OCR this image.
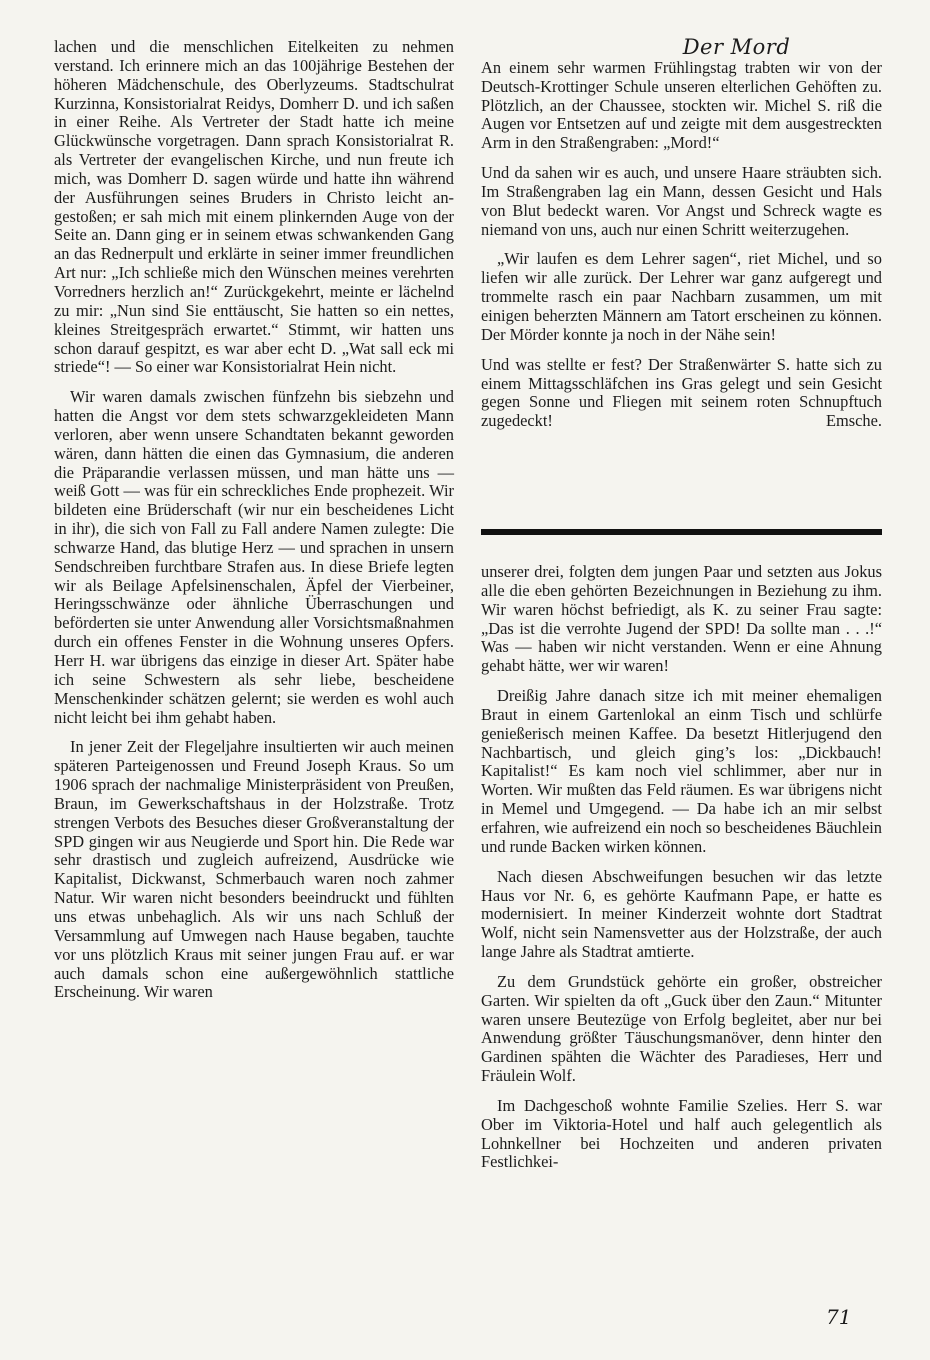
lachen und die menschlichen Eitelkeiten zu nehmen verstand. Ich erinnere mich an das 100jährige Bestehen der höheren Mädchenschule, des Oberlyzeums. Stadtschulrat Kurzinna, Konsistorialrat Reidys, Domherr D. und ich saßen in einer Reihe. Als Vertreter der Stadt hatte ich meine Glückwünsche vorgetragen. Dann sprach Konsistorialrat R. als Vertreter der evangelischen Kirche, und nun freute ich mich, was Domherr D. sagen würde und hatte ihn während der Ausführungen seines Bruders in Christo leicht angestoßen; er sah mich mit einem plinkernden Auge von der Seite an. Dann ging er in seinem etwas schwankenden Gang an das Rednerpult und erklärte in seiner immer freundlichen Art nur: „Ich schließe mich den Wünschen meines verehrten Vorredners herzlich an!“ Zurückgekehrt, meinte er lächelnd zu mir: „Nun sind Sie enttäuscht, Sie hatten so ein nettes, kleines Streitgespräch erwartet.“ Stimmt, wir hatten uns schon darauf gespitzt, es war aber echt D. „Wat sall eck mi striede“! — So einer war Konsistorialrat Hein nicht.

Wir waren damals zwischen fünfzehn bis siebzehn und hatten die Angst vor dem stets schwarzgekleideten Mann verloren, aber wenn unsere Schandtaten bekannt geworden wären, dann hätten die einen das Gymnasium, die anderen die Präparandie verlassen müssen, und man hätte uns — weiß Gott — was für ein schreckliches Ende prophezeit. Wir bildeten eine Brüderschaft (wir nur ein bescheidenes Licht in ihr), die sich von Fall zu Fall andere Namen zulegte: Die schwarze Hand, das blutige Herz — und sprachen in unsern Sendschreiben furchtbare Strafen aus. In diese Briefe legten wir als Beilage Apfelsinenschalen, Äpfel der Vierbeiner, Heringsschwänze oder ähnliche Überraschungen und beförderten sie unter Anwendung aller Vorsichtsmaßnahmen durch ein offenes Fenster in die Wohnung unseres Opfers. Herr H. war übrigens das einzige in dieser Art. Später habe ich seine Schwestern als sehr liebe, bescheidene Menschenkinder schätzen gelernt; sie werden es wohl auch nicht leicht bei ihm gehabt haben.

In jener Zeit der Flegeljahre insultierten wir auch meinen späteren Parteigenossen und Freund Joseph Kraus. So um 1906 sprach der nachmalige Ministerpräsident von Preußen, Braun, im Gewerkschaftshaus in der Holzstraße. Trotz strengen Verbots des Besuches dieser Großveranstaltung der SPD gingen wir aus Neugierde und Sport hin. Die Rede war sehr drastisch und zugleich aufreizend, Ausdrücke wie Kapitalist, Dickwanst, Schmerbauch waren noch zahmer Natur. Wir waren nicht besonders beeindruckt und fühlten uns etwas unbehaglich. Als wir uns nach Schluß der Versammlung auf Umwegen nach Hause begaben, tauchte vor uns plötzlich Kraus mit seiner jungen Frau auf. er war auch damals schon eine außergewöhnlich stattliche Erscheinung. Wir waren

Der Mord

An einem sehr warmen Frühlingstag trabten wir von der Deutsch-Krottinger Schule unseren elterlichen Gehöften zu. Plötzlich, an der Chaussee, stockten wir. Michel S. riß die Augen vor Entsetzen auf und zeigte mit dem ausgestreckten Arm in den Straßengraben: „Mord!“

Und da sahen wir es auch, und unsere Haare sträubten sich. Im Straßengraben lag ein Mann, dessen Gesicht und Hals von Blut bedeckt waren. Vor Angst und Schreck wagte es niemand von uns, auch nur einen Schritt weiterzugehen.

„Wir laufen es dem Lehrer sagen“, riet Michel, und so liefen wir alle zurück. Der Lehrer war ganz aufgeregt und trommelte rasch ein paar Nachbarn zusammen, um mit einigen beherzten Männern am Tatort erscheinen zu können. Der Mörder konnte ja noch in der Nähe sein!

Und was stellte er fest? Der Straßenwärter S. hatte sich zu einem Mittagsschläfchen ins Gras gelegt und sein Gesicht gegen Sonne und Fliegen mit seinem roten Schnupftuch zugedeckt!	Emsche.

unserer drei, folgten dem jungen Paar und setzten aus Jokus alle die eben gehörten Bezeichnungen in Beziehung zu ihm. Wir waren höchst befriedigt, als K. zu seiner Frau sagte: „Das ist die verrohte Jugend der SPD! Da sollte man . . .!“ Was — haben wir nicht verstanden. Wenn er eine Ahnung gehabt hätte, wer wir waren!

Dreißig Jahre danach sitze ich mit meiner ehemaligen Braut in einem Gartenlokal an einm Tisch und schlürfe genießerisch meinen Kaffee. Da besetzt Hitlerjugend den Nachbartisch, und gleich ging’s los: „Dickbauch! Kapitalist!“ Es kam noch viel schlimmer, aber nur in Worten. Wir mußten das Feld räumen. Es war übrigens nicht in Memel und Umgegend. — Da habe ich an mir selbst erfahren, wie aufreizend ein noch so bescheidenes Bäuchlein und runde Backen wirken können.

Nach diesen Abschweifungen besuchen wir das letzte Haus vor Nr. 6, es gehörte Kaufmann Pape, er hatte es modernisiert. In meiner Kinderzeit wohnte dort Stadtrat Wolf, nicht sein Namensvetter aus der Holzstraße, der auch lange Jahre als Stadtrat amtierte.

Zu dem Grundstück gehörte ein großer, obstreicher Garten. Wir spielten da oft „Guck über den Zaun.“ Mitunter waren unsere Beutezüge von Erfolg begleitet, aber nur bei Anwendung größter Täuschungsmanöver, denn hinter den Gardinen spähten die Wächter des Paradieses, Herr und Fräulein Wolf.

Im Dachgeschoß wohnte Familie Szelies. Herr S. war Ober im Viktoria-Hotel und half auch gelegentlich als Lohnkellner bei Hochzeiten und anderen privaten Festlichkei-

71
